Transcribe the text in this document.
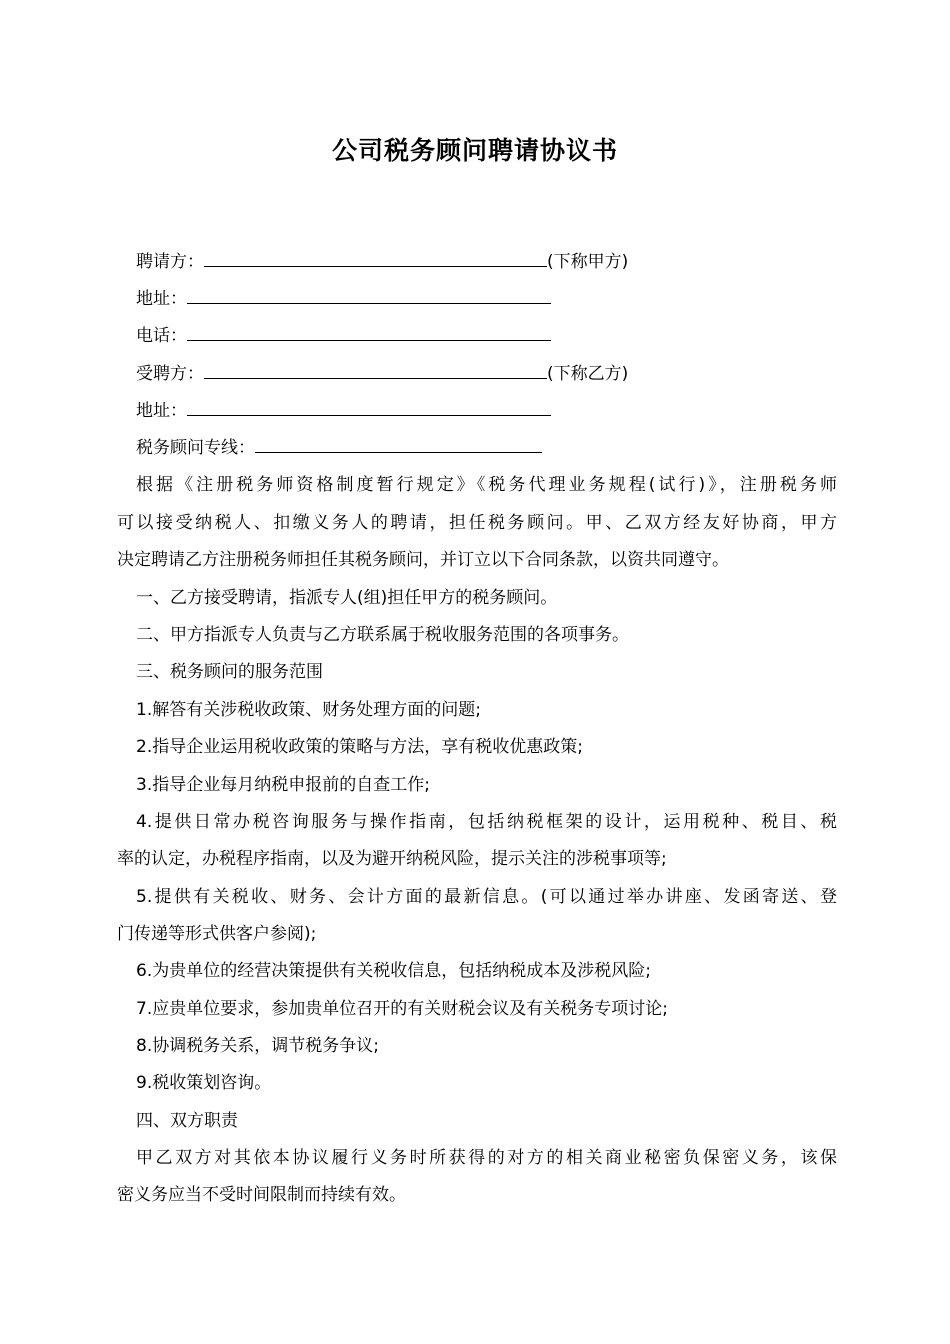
公司税务顾问聘请协议书
聘请方：	(下称甲方)
地址：
电话：
受聘方：	(下称乙方)
地址：
税务顾问专线：
根据《注册税务师资格制度暂行规定》《税务代理业务规程(试行)》，注册税务师
可以接受纳税人、扣缴义务人的聘请，担任税务顾问。甲、乙双方经友好协商，甲方
决定聘请乙方注册税务师担任其税务顾问，并订立以下合同条款，以资共同遵守。
一、乙方接受聘请，指派专人(组)担任甲方的税务顾问。
二、甲方指派专人负责与乙方联系属于税收服务范围的各项事务。
三、税务顾问的服务范围
1.解答有关涉税收政策、财务处理方面的问题;
2.指导企业运用税收政策的策略与方法，享有税收优惠政策;
3.指导企业每月纳税申报前的自查工作;
4.提供日常办税咨询服务与操作指南，包括纳税框架的设计，运用税种、税目、税
率的认定，办税程序指南，以及为避开纳税风险，提示关注的涉税事项等;
5.提供有关税收、财务、会计方面的最新信息。(可以通过举办讲座、发函寄送、登
门传递等形式供客户参阅);
6.为贵单位的经营决策提供有关税收信息，包括纳税成本及涉税风险;
7.应贵单位要求，参加贵单位召开的有关财税会议及有关税务专项讨论;
8.协调税务关系，调节税务争议;
9.税收策划咨询。
四、双方职责
甲乙双方对其依本协议履行义务时所获得的对方的相关商业秘密负保密义务，该保
密义务应当不受时间限制而持续有效。
